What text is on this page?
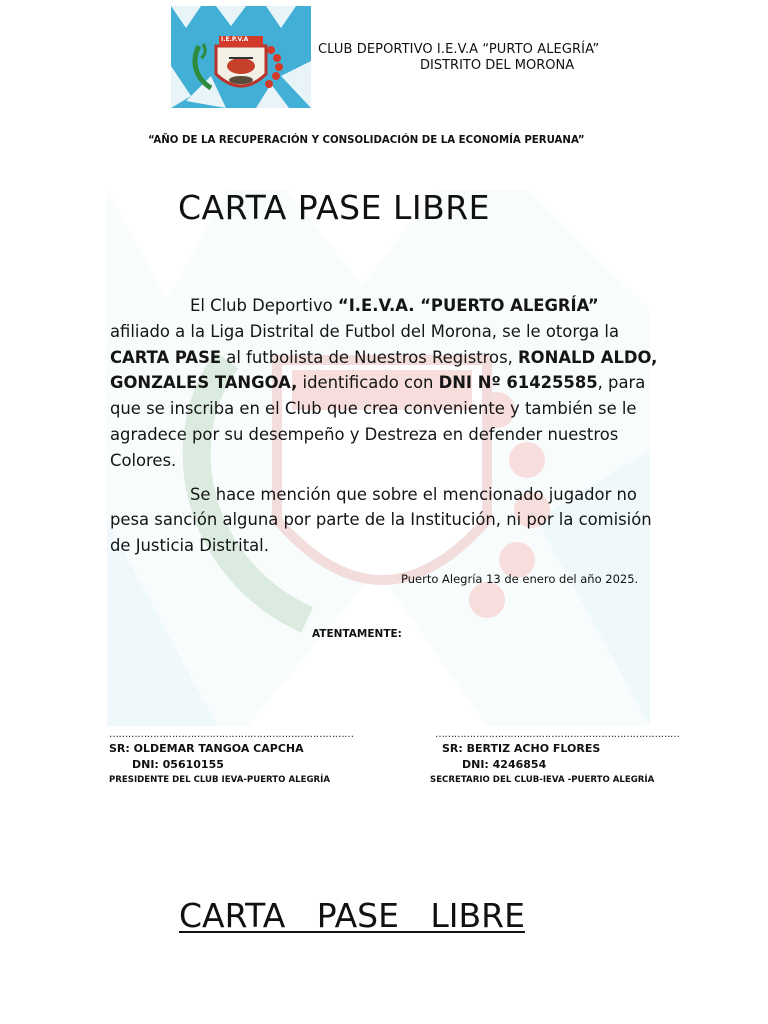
I.E.P.V.A
CLUB DEPORTIVO I.E.V.A “PURTO ALEGRÍA”
DISTRITO DEL MORONA
“AÑO DE LA RECUPERACIÓN Y CONSOLIDACIÓN DE LA ECONOMÍA PERUANA”
CARTA PASE LIBRE

El Club Deportivo “I.E.V.A. “PUERTO ALEGRÍA” afiliado a la Liga Distrital de Futbol del Morona, se le otorga la CARTA PASE al futbolista de Nuestros Registros, RONALD ALDO, GONZALES TANGOA, identificado con DNI Nº 61425585, para que se inscriba en el Club que crea conveniente y también se le agradece por su desempeño y Destreza en defender nuestros Colores.

Se hace mención que sobre el mencionado jugador no pesa sanción alguna por parte de la Institución, ni por la comisión de Justicia Distrital.

Puerto Alegría 13 de enero del año 2025.
ATENTAMENTE:
……………………………………………………………………
SR: OLDEMAR TANGOA CAPCHA
DNI: 05610155
PRESIDENTE DEL CLUB IEVA-PUERTO ALEGRÍA
……………………………………………………………………
SR: BERTIZ ACHO FLORES
DNI: 4246854
SECRETARIO DEL CLUB-IEVA -PUERTO ALEGRÍA
CARTA   PASE   LIBRE
